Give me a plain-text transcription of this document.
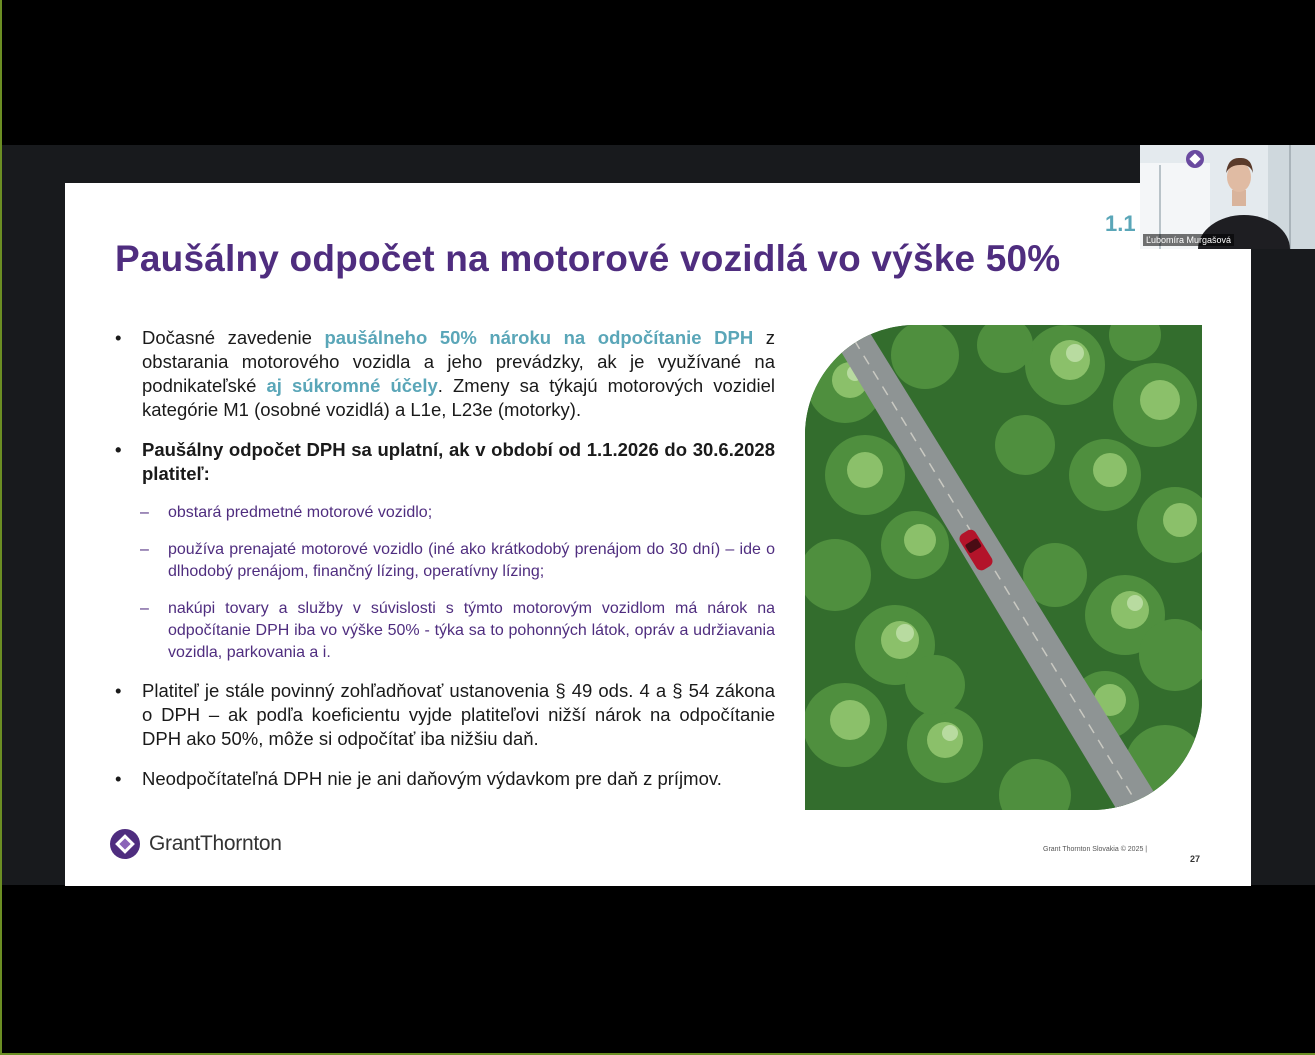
Paušálny odpočet na motorové vozidlá vo výške 50%
1.1
• Dočasné zavedenie paušálneho 50% nároku na odpočítanie DPH z obstarania motorového vozidla a jeho prevádzky, ak je využívané na podnikateľské aj súkromné účely. Zmeny sa týkajú motorových vozidiel kategórie M1 (osobné vozidlá) a L1e, L23e (motorky).
• Paušálny odpočet DPH sa uplatní, ak v období od 1.1.2026 do 30.6.2028 platiteľ:
– obstará predmetné motorové vozidlo;
– používa prenajaté motorové vozidlo (iné ako krátkodobý prenájom do 30 dní) – ide o dlhodobý prenájom, finančný lízing, operatívny lízing;
– nakúpi tovary a služby v súvislosti s týmto motorovým vozidlom má nárok na odpočítanie DPH iba vo výške 50% - týka sa to pohonných látok, opráv a udržiavania vozidla, parkovania a i.
• Platiteľ je stále povinný zohľadňovať ustanovenia § 49 ods. 4 a § 54 zákona o DPH – ak podľa koeficientu vyjde platiteľovi nižší nárok na odpočítanie DPH ako 50%, môže si odpočítať iba nižšiu daň.
• Neodpočítateľná DPH nie je ani daňovým výdavkom pre daň z príjmov.
GrantThornton	Grant Thornton Slovakia © 2025 |
27
Ľubomíra Murgašová
